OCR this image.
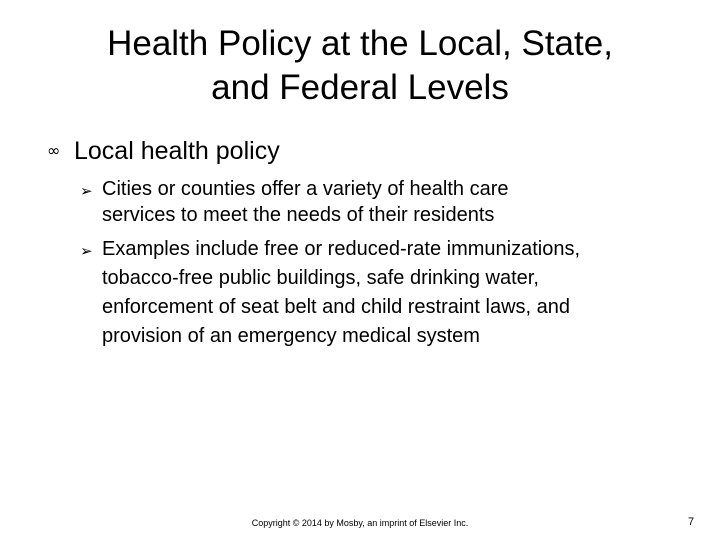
Health Policy at the Local, State,
and Federal Levels
∞ Local health policy
➢ Cities or counties offer a variety of health care
services to meet the needs of their residents
➢ Examples include free or reduced-rate immunizations,
tobacco-free public buildings, safe drinking water,
enforcement of seat belt and child restraint laws, and
provision of an emergency medical system
Copyright © 2014 by Mosby, an imprint of Elsevier Inc.	7
